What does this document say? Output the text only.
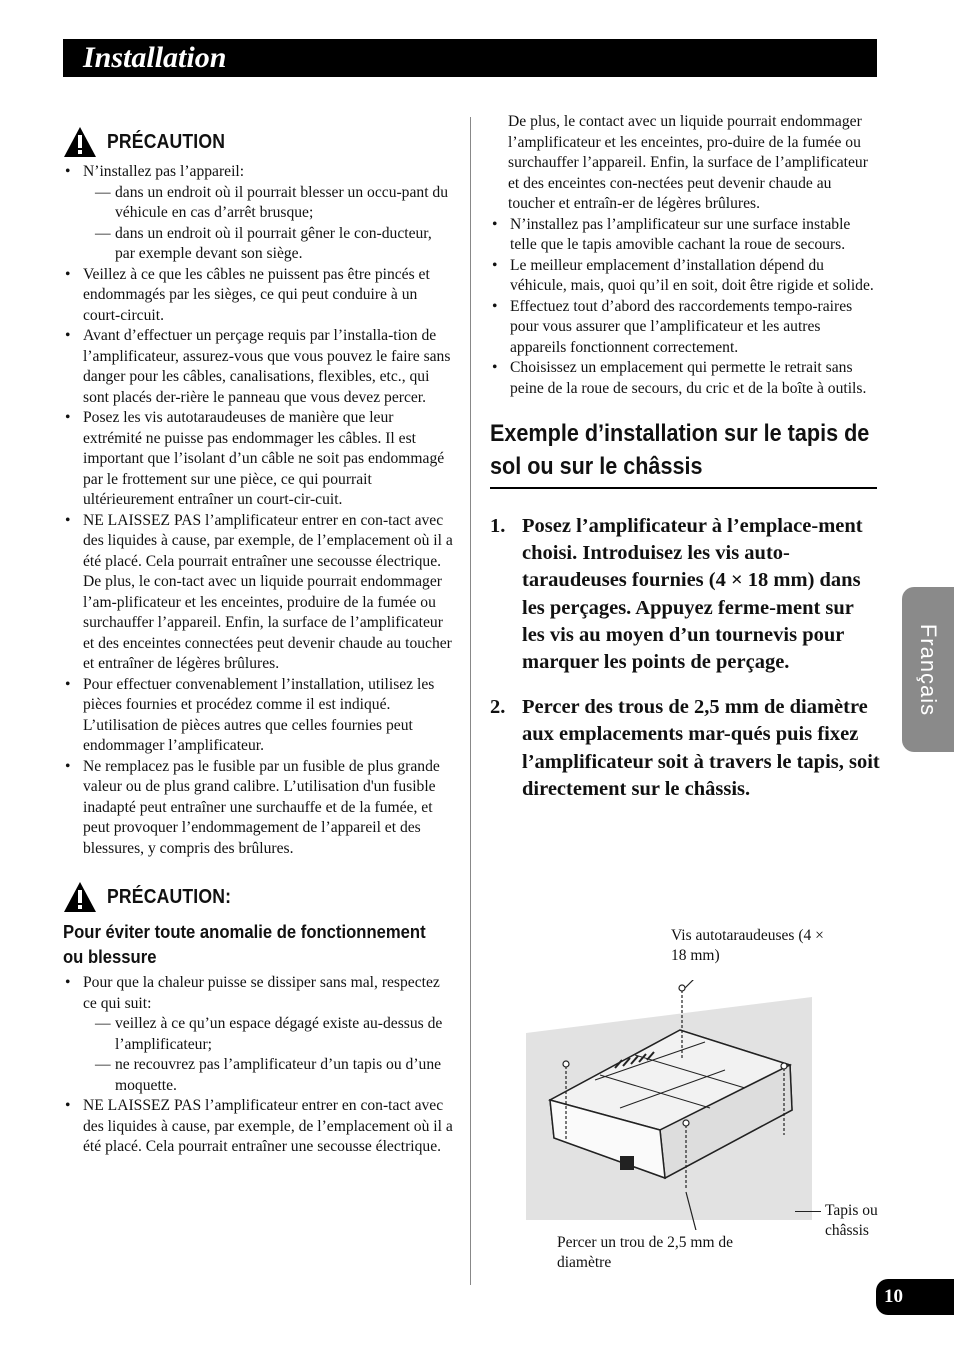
Installation
PRÉCAUTION
• N’installez pas l’appareil:
— dans un endroit où il pourrait blesser un occu-pant du véhicule en cas d’arrêt brusque;
— dans un endroit où il pourrait gêner le con-ducteur, par exemple devant son siège.
• Veillez à ce que les câbles ne puissent pas être pincés et endommagés par les sièges, ce qui peut conduire à un court-circuit.
• Avant d’effectuer un perçage requis par l’installa-tion de l’amplificateur, assurez-vous que vous pouvez le faire sans danger pour les câbles, canalisations, flexibles, etc., qui sont placés der-rière le panneau que vous devez percer.
• Posez les vis autotaraudeuses de manière que leur extrémité ne puisse pas endommager les câbles. Il est important que l’isolant d’un câble ne soit pas endommagé par le frottement sur une pièce, ce qui pourrait ultérieurement entraîner un court-cir-cuit.
• NE LAISSEZ PAS l’amplificateur entrer en con-tact avec des liquides à cause, par exemple, de l’emplacement où il a été placé. Cela pourrait entraîner une secousse électrique. De plus, le con-tact avec un liquide pourrait endommager l’am-plificateur et les enceintes, produire de la fumée ou surchauffer l’appareil. Enfin, la surface de l’amplificateur et des enceintes connectées peut devenir chaude au toucher et entraîner de légères brûlures.
• Pour effectuer convenablement l’installation, utilisez les pièces fournies et procédez comme il est indiqué. L’utilisation de pièces autres que celles fournies peut endommager l’amplificateur.
• Ne remplacez pas le fusible par un fusible de plus grande valeur ou de plus grand calibre. L’utilisation d'un fusible inadapté peut entraîner une surchauffe et de la fumée, et peut provoquer l’endommagement de l’appareil et des blessures, y compris des brûlures.
PRÉCAUTION:
Pour éviter toute anomalie de fonctionnement ou blessure
• Pour que la chaleur puisse se dissiper sans mal, respectez ce qui suit:
— veillez à ce qu’un espace dégagé existe au-dessus de l’amplificateur;
— ne recouvrez pas l’amplificateur d’un tapis ou d’une moquette.
• NE LAISSEZ PAS l’amplificateur entrer en con-tact avec des liquides à cause, par exemple, de l’emplacement où il a été placé. Cela pourrait entraîner une secousse électrique.
De plus, le contact avec un liquide pourrait endommager l’amplificateur et les enceintes, pro-duire de la fumée ou surchauffer l’appareil. Enfin, la surface de l’amplificateur et des enceintes con-nectées peut devenir chaude au toucher et entraîn-er de légères brûlures.
• N’installez pas l’amplificateur sur une surface instable telle que le tapis amovible cachant la roue de secours.
• Le meilleur emplacement d’installation dépend du véhicule, mais, quoi qu’il en soit, doit être rigide et solide.
• Effectuez tout d’abord des raccordements tempo-raires pour vous assurer que l’amplificateur et les autres appareils fonctionnent correctement.
• Choisissez un emplacement qui permette le retrait sans peine de la roue de secours, du cric et de la boîte à outils.
Exemple d’installation sur le tapis de sol ou sur le châssis
1. Posez l’amplificateur à l’emplace-ment choisi. Introduisez les vis auto-taraudeuses fournies (4 × 18 mm) dans les perçages. Appuyez ferme-ment sur les vis au moyen d’un tournevis pour marquer les points de perçage.
2. Percer des trous de 2,5 mm de diamètre aux emplacements mar-qués puis fixez l’amplificateur soit à travers le tapis, soit directement sur le châssis.
Vis autotaraudeuses (4 × 18 mm)
Tapis ou châssis
Percer un trou de 2,5 mm de diamètre
Français
10
